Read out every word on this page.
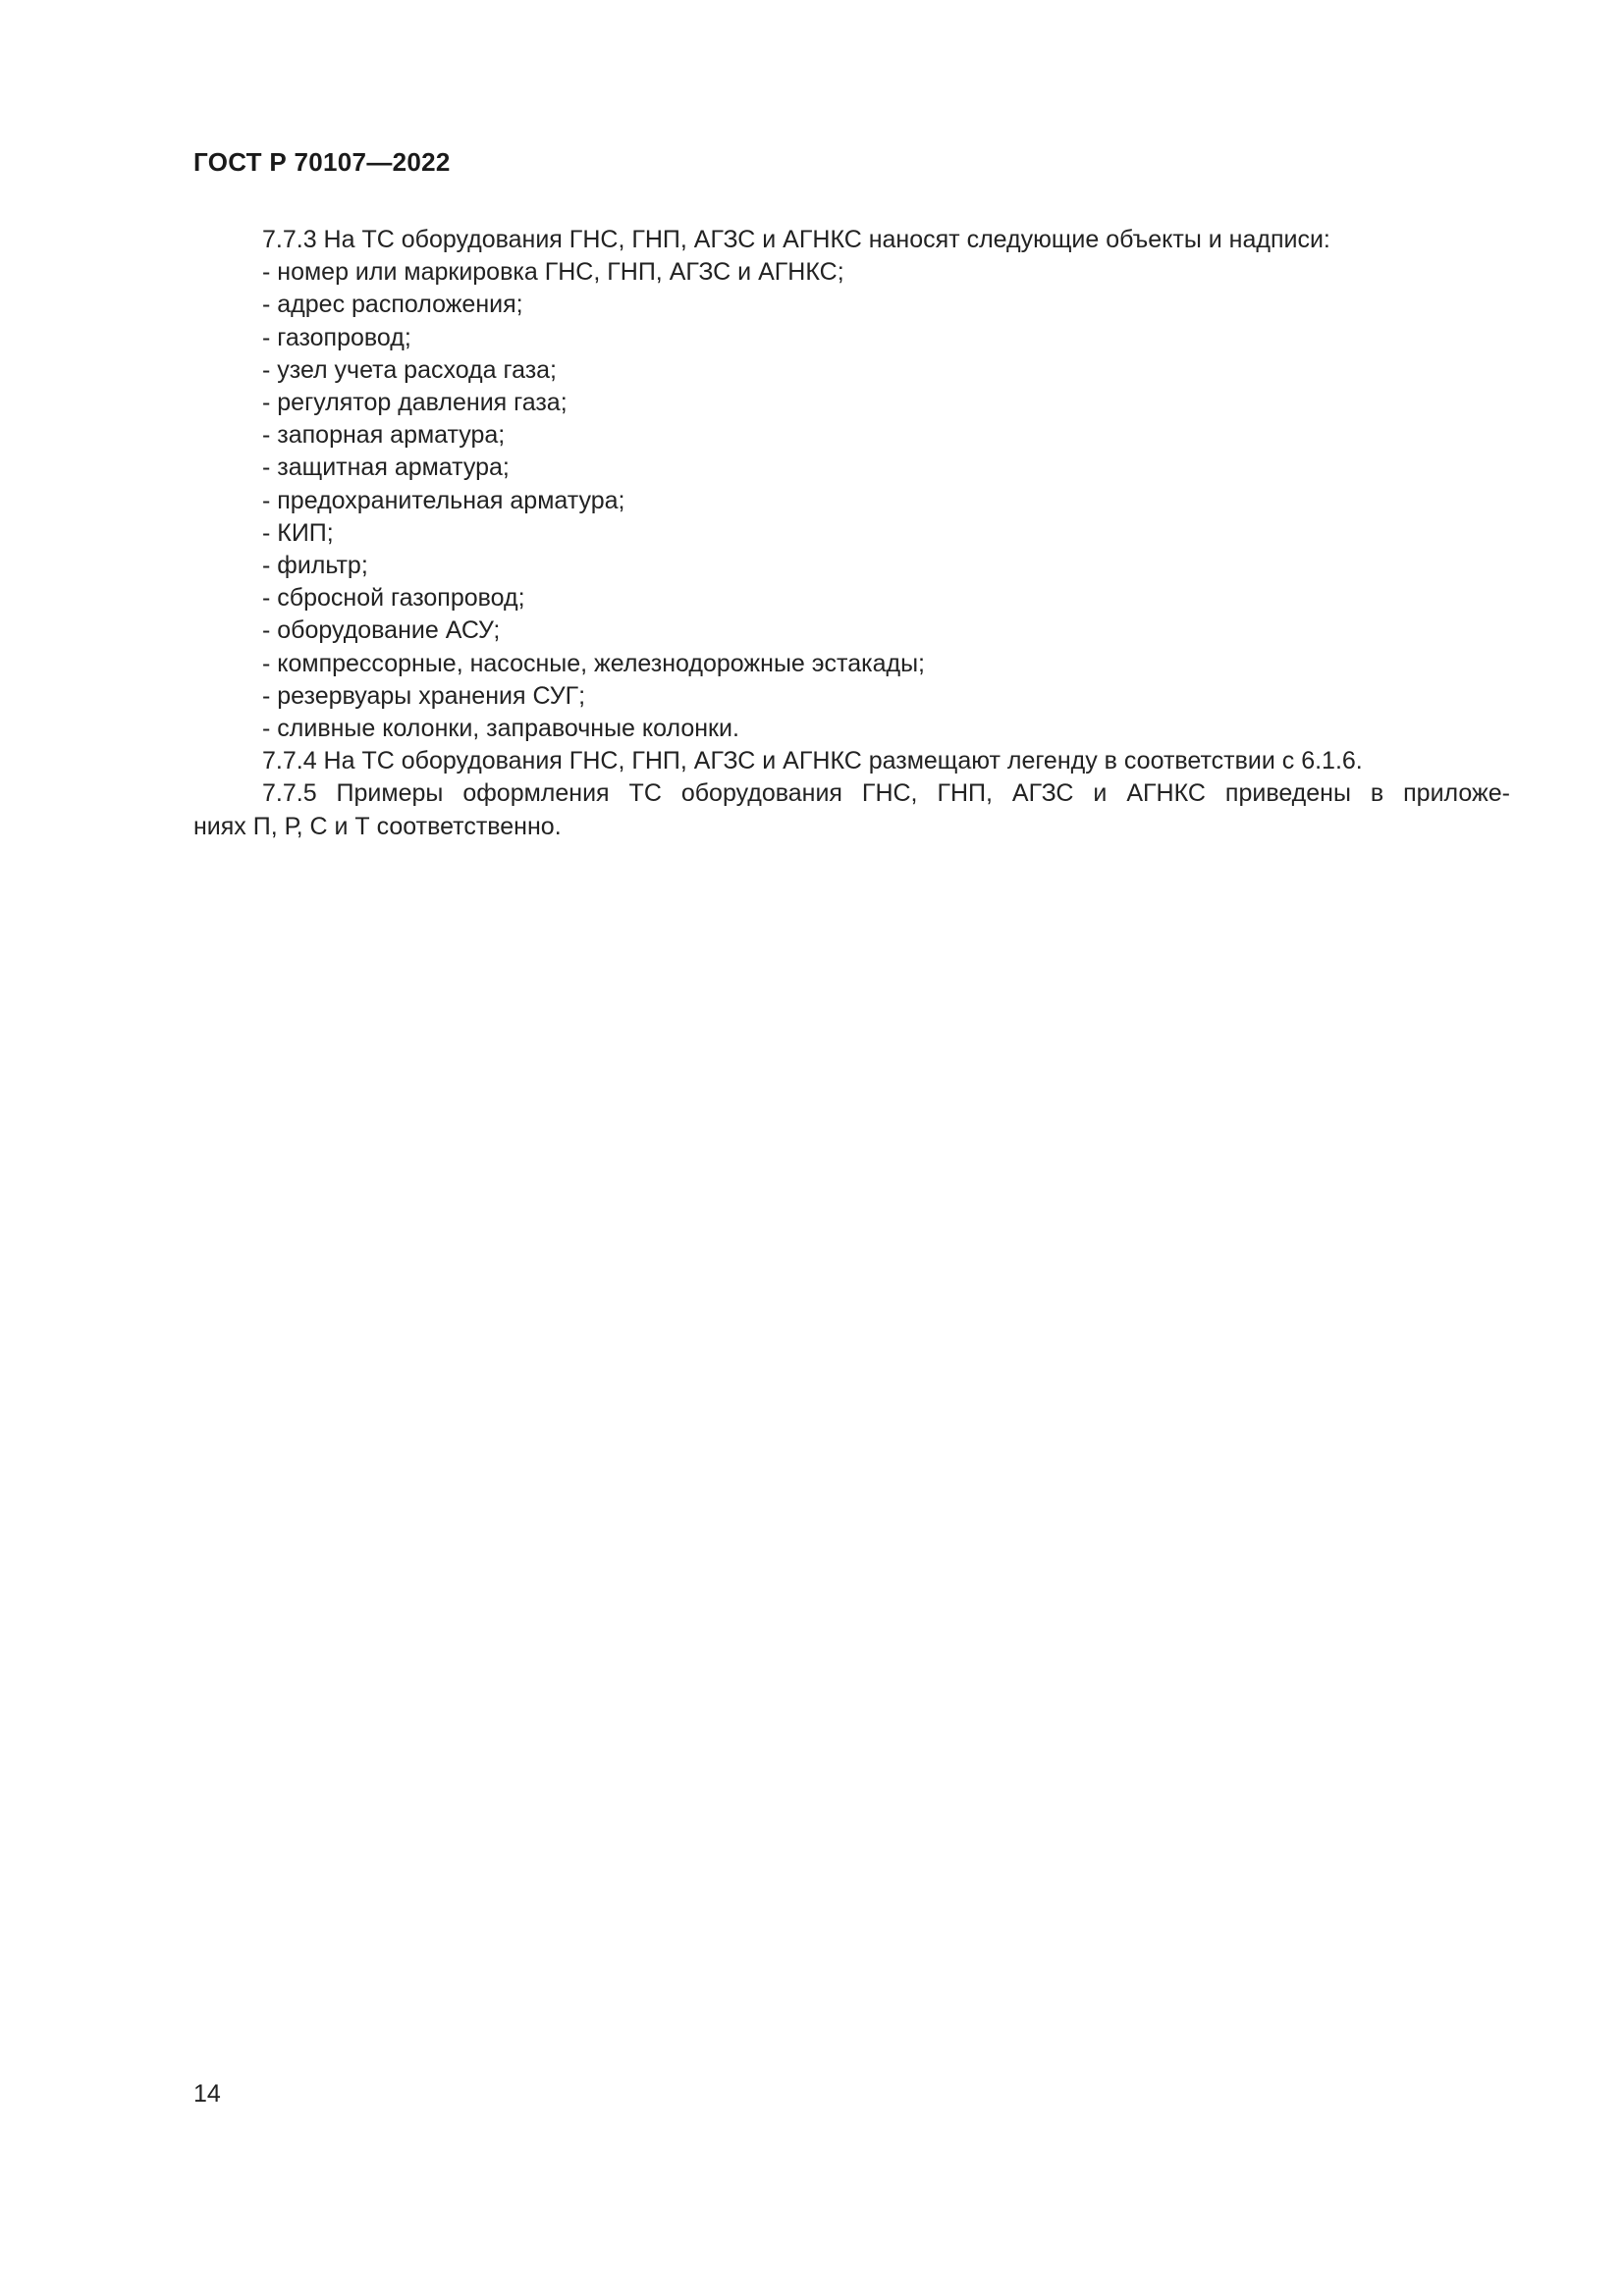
ГОСТ Р 70107—2022
7.7.3 На ТС оборудования ГНС, ГНП, АГЗС и АГНКС наносят следующие объекты и надписи:
- номер или маркировка ГНС, ГНП, АГЗС и АГНКС;
- адрес расположения;
- газопровод;
- узел учета расхода газа;
- регулятор давления газа;
- запорная арматура;
- защитная арматура;
- предохранительная арматура;
- КИП;
- фильтр;
- сбросной газопровод;
- оборудование АСУ;
- компрессорные, насосные, железнодорожные эстакады;
- резервуары хранения СУГ;
- сливные колонки, заправочные колонки.
7.7.4 На ТС оборудования ГНС, ГНП, АГЗС и АГНКС размещают легенду в соответствии с 6.1.6.
7.7.5 Примеры оформления ТС оборудования ГНС, ГНП, АГЗС и АГНКС приведены в приложе-
ниях П, Р, С и Т соответственно.
14
